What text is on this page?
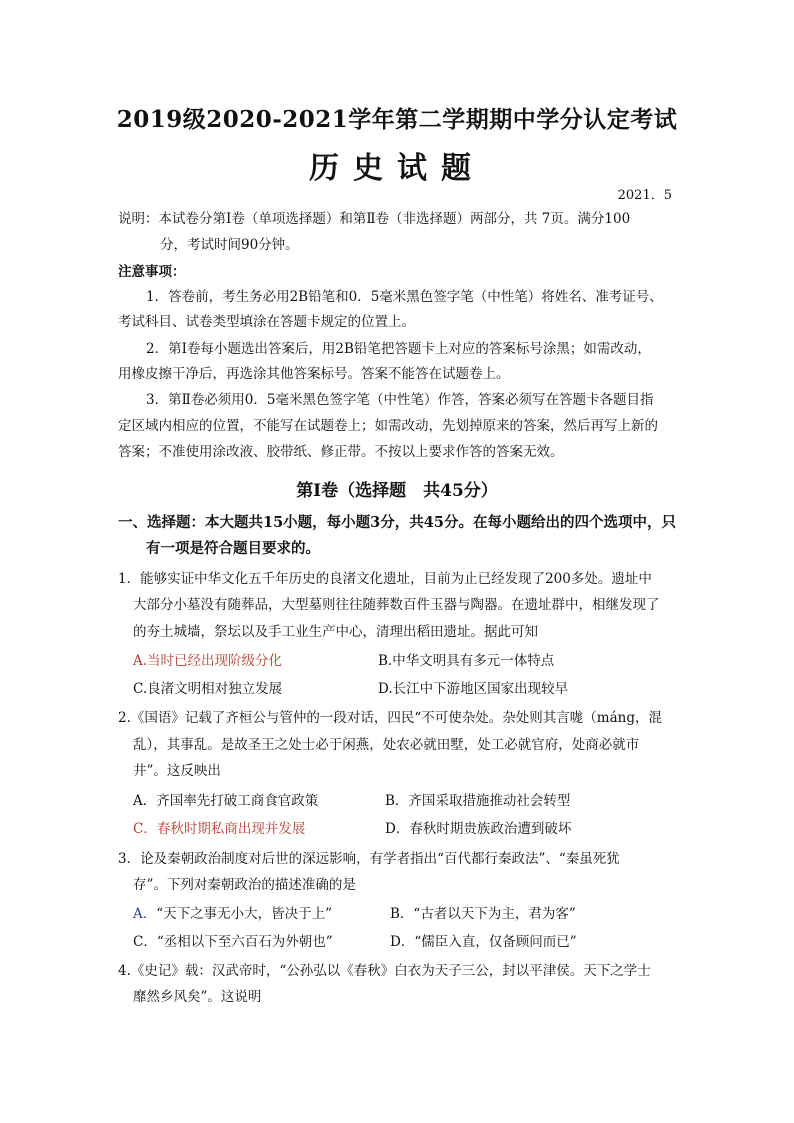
2019级2020-2021学年第二学期期中学分认定考试
历史试题
2021．5
说明：本试卷分第Ⅰ卷（单项选择题）和第Ⅱ卷（非选择题）两部分，共 7页。满分100
分，考试时间90分钟。
注意事项：
1．答卷前，考生务必用2B铅笔和0．5毫米黑色签字笔（中性笔）将姓名、准考证号、
考试科目、试卷类型填涂在答题卡规定的位置上。
2．第Ⅰ卷每小题选出答案后，用2B铅笔把答题卡上对应的答案标号涂黑；如需改动，
用橡皮擦干净后，再选涂其他答案标号。答案不能答在试题卷上。
3．第Ⅱ卷必须用0．5毫米黑色签字笔（中性笔）作答，答案必须写在答题卡各题目指
定区域内相应的位置，不能写在试题卷上；如需改动，先划掉原来的答案，然后再写上新的
答案；不准使用涂改液、胶带纸、修正带。不按以上要求作答的答案无效。
第Ⅰ卷（选择题　共45分）
一、选择题：本大题共15小题，每小题3分，共45分。在每小题给出的四个选项中，只
有一项是符合题目要求的。
1．能够实证中华文化五千年历史的良渚文化遗址，目前为止已经发现了200多处。遗址中
大部分小墓没有随葬品，大型墓则往往随葬数百件玉器与陶器。在遗址群中，相继发现了
的夯土城墙，祭坛以及手工业生产中心，清理出稻田遗址。据此可知
A.当时已经出现阶级分化	B.中华文明具有多元一体特点
C.良渚文明相对独立发展	D.长江中下游地区国家出现较早
2.《国语》记载了齐桓公与管仲的一段对话，四民“不可使杂处。杂处则其言哤（máng，混
乱），其事乱。是故圣王之处士必于闲燕，处农必就田墅，处工必就官府，处商必就市
井”。这反映出
A．齐国率先打破工商食官政策	B．齐国采取措施推动社会转型
C．春秋时期私商出现并发展	D．春秋时期贵族政治遭到破坏
3．论及秦朝政治制度对后世的深远影响，有学者指出“百代都行秦政法”、“秦虽死犹
存”。下列对秦朝政治的描述准确的是
A．“天下之事无小大，皆决于上”	B．“古者以天下为主，君为客”
C．“丞相以下至六百石为外朝也”	D．“儒臣入直，仅备顾问而已”
4.《史记》载：汉武帝时，“公孙弘以《春秋》白衣为天子三公，封以平津侯。天下之学士
靡然乡风矣”。这说明
